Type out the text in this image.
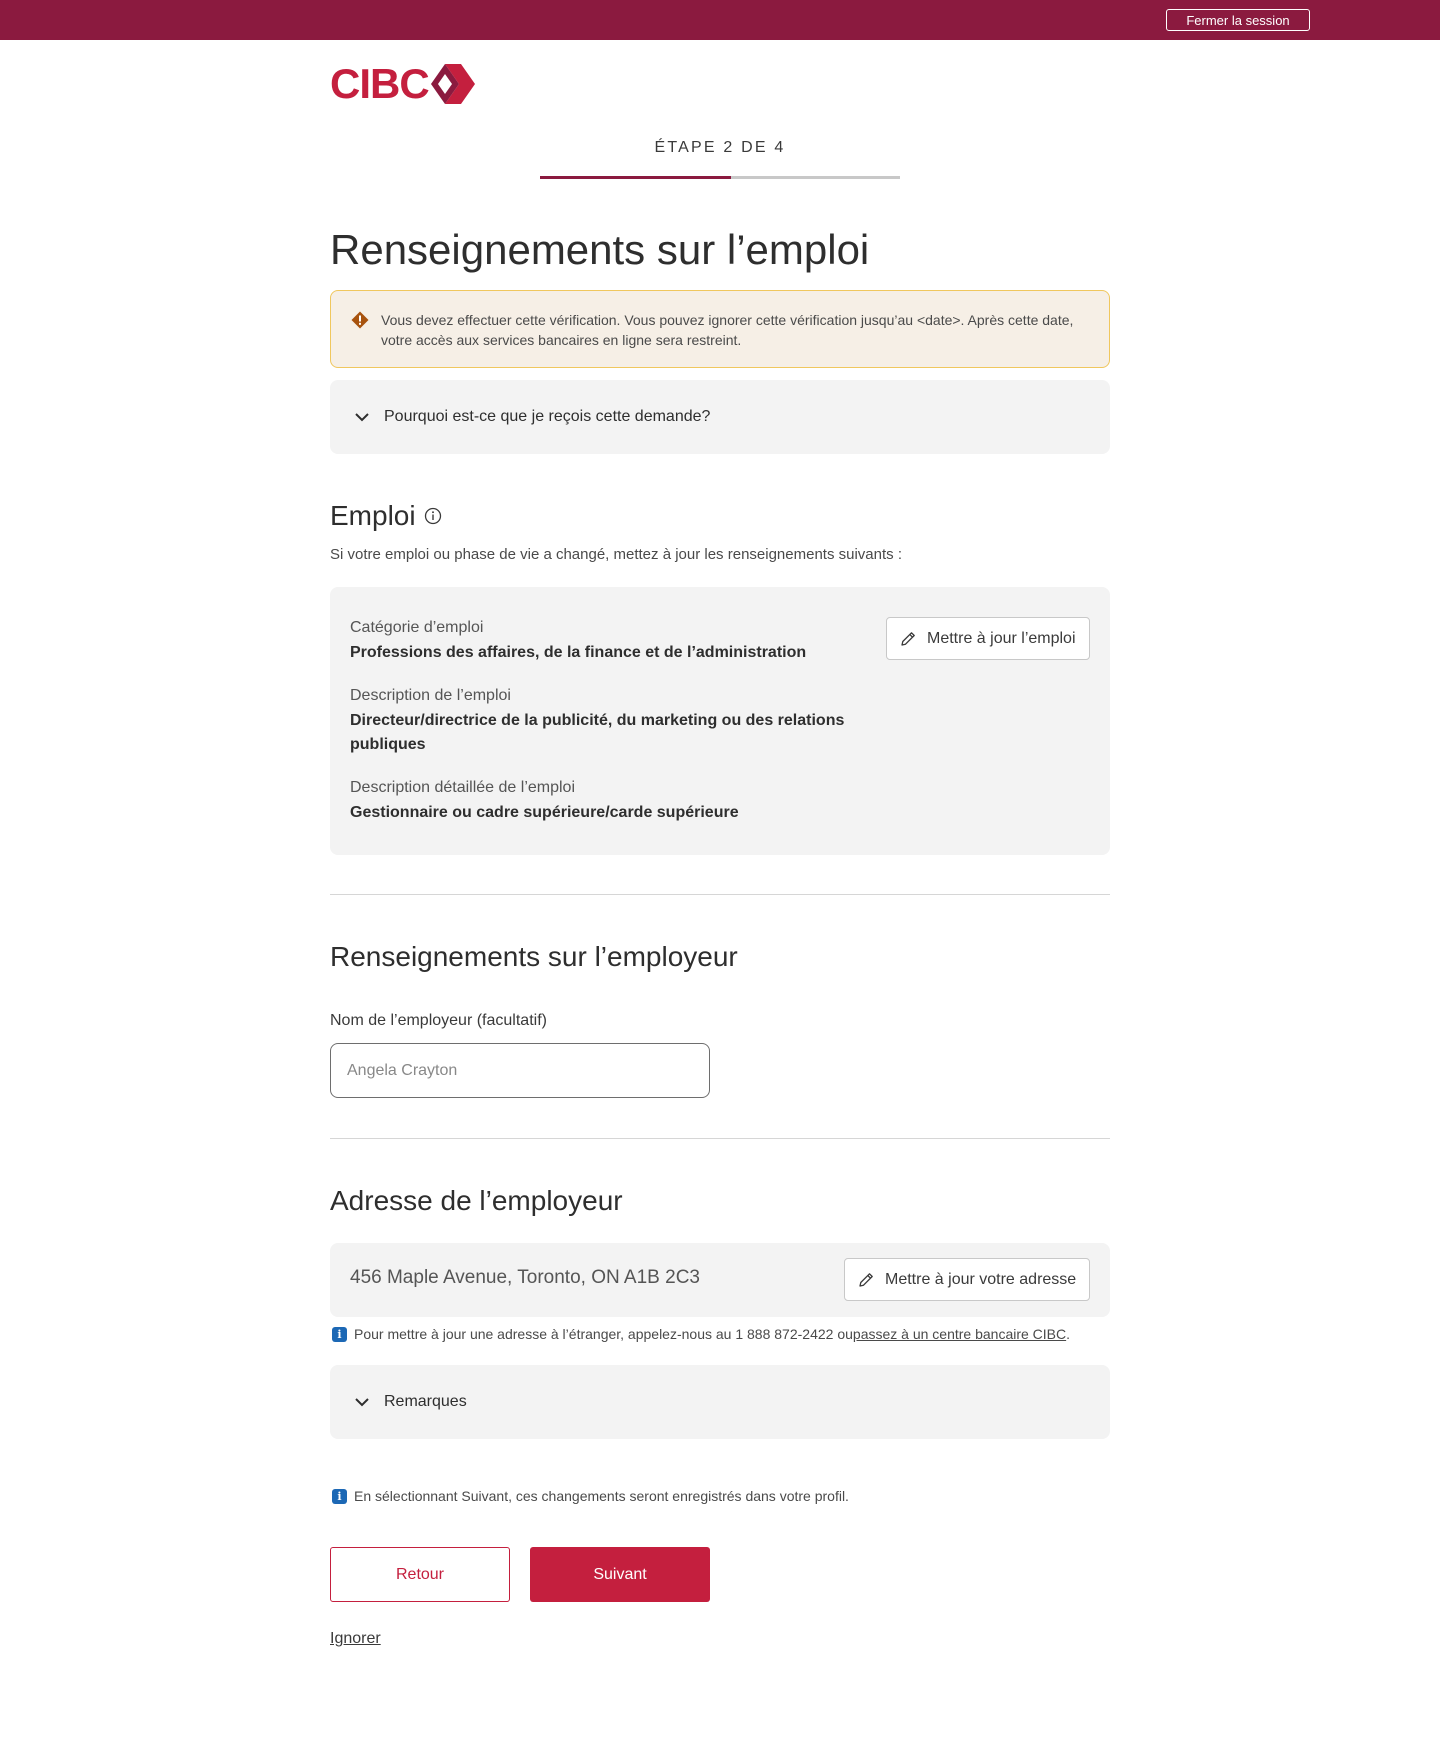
Fermer la session
CIBC
ÉTAPE 2 DE 4
Renseignements sur l’emploi
Vous devez effectuer cette vérification. Vous pouvez ignorer cette vérification jusqu’au <date>. Après cette date, votre accès aux services bancaires en ligne sera restreint.
Pourquoi est-ce que je reçois cette demande?
Emploi

Si votre emploi ou phase de vie a changé, mettez à jour les renseignements suivants :

Catégorie d’emploi
Professions des affaires, de la finance et de l’administration
Description de l’emploi
Directeur/directrice de la publicité, du marketing ou des relations publiques
Description détaillée de l’emploi
Gestionnaire ou cadre supérieure/carde supérieure
Mettre à jour l’emploi
Renseignements sur l’employeur
Nom de l’employeur (facultatif)
Angela Crayton
Adresse de l’employeur
456 Maple Avenue, Toronto, ON A1B 2C3	Mettre à jour votre adresse
i Pour mettre à jour une adresse à l’étranger, appelez-nous au 1 888 872-2422 ou passez à un centre bancaire CIBC .
Remarques
i En sélectionnant Suivant, ces changements seront enregistrés dans votre profil.
Retour	Suivant
Ignorer
